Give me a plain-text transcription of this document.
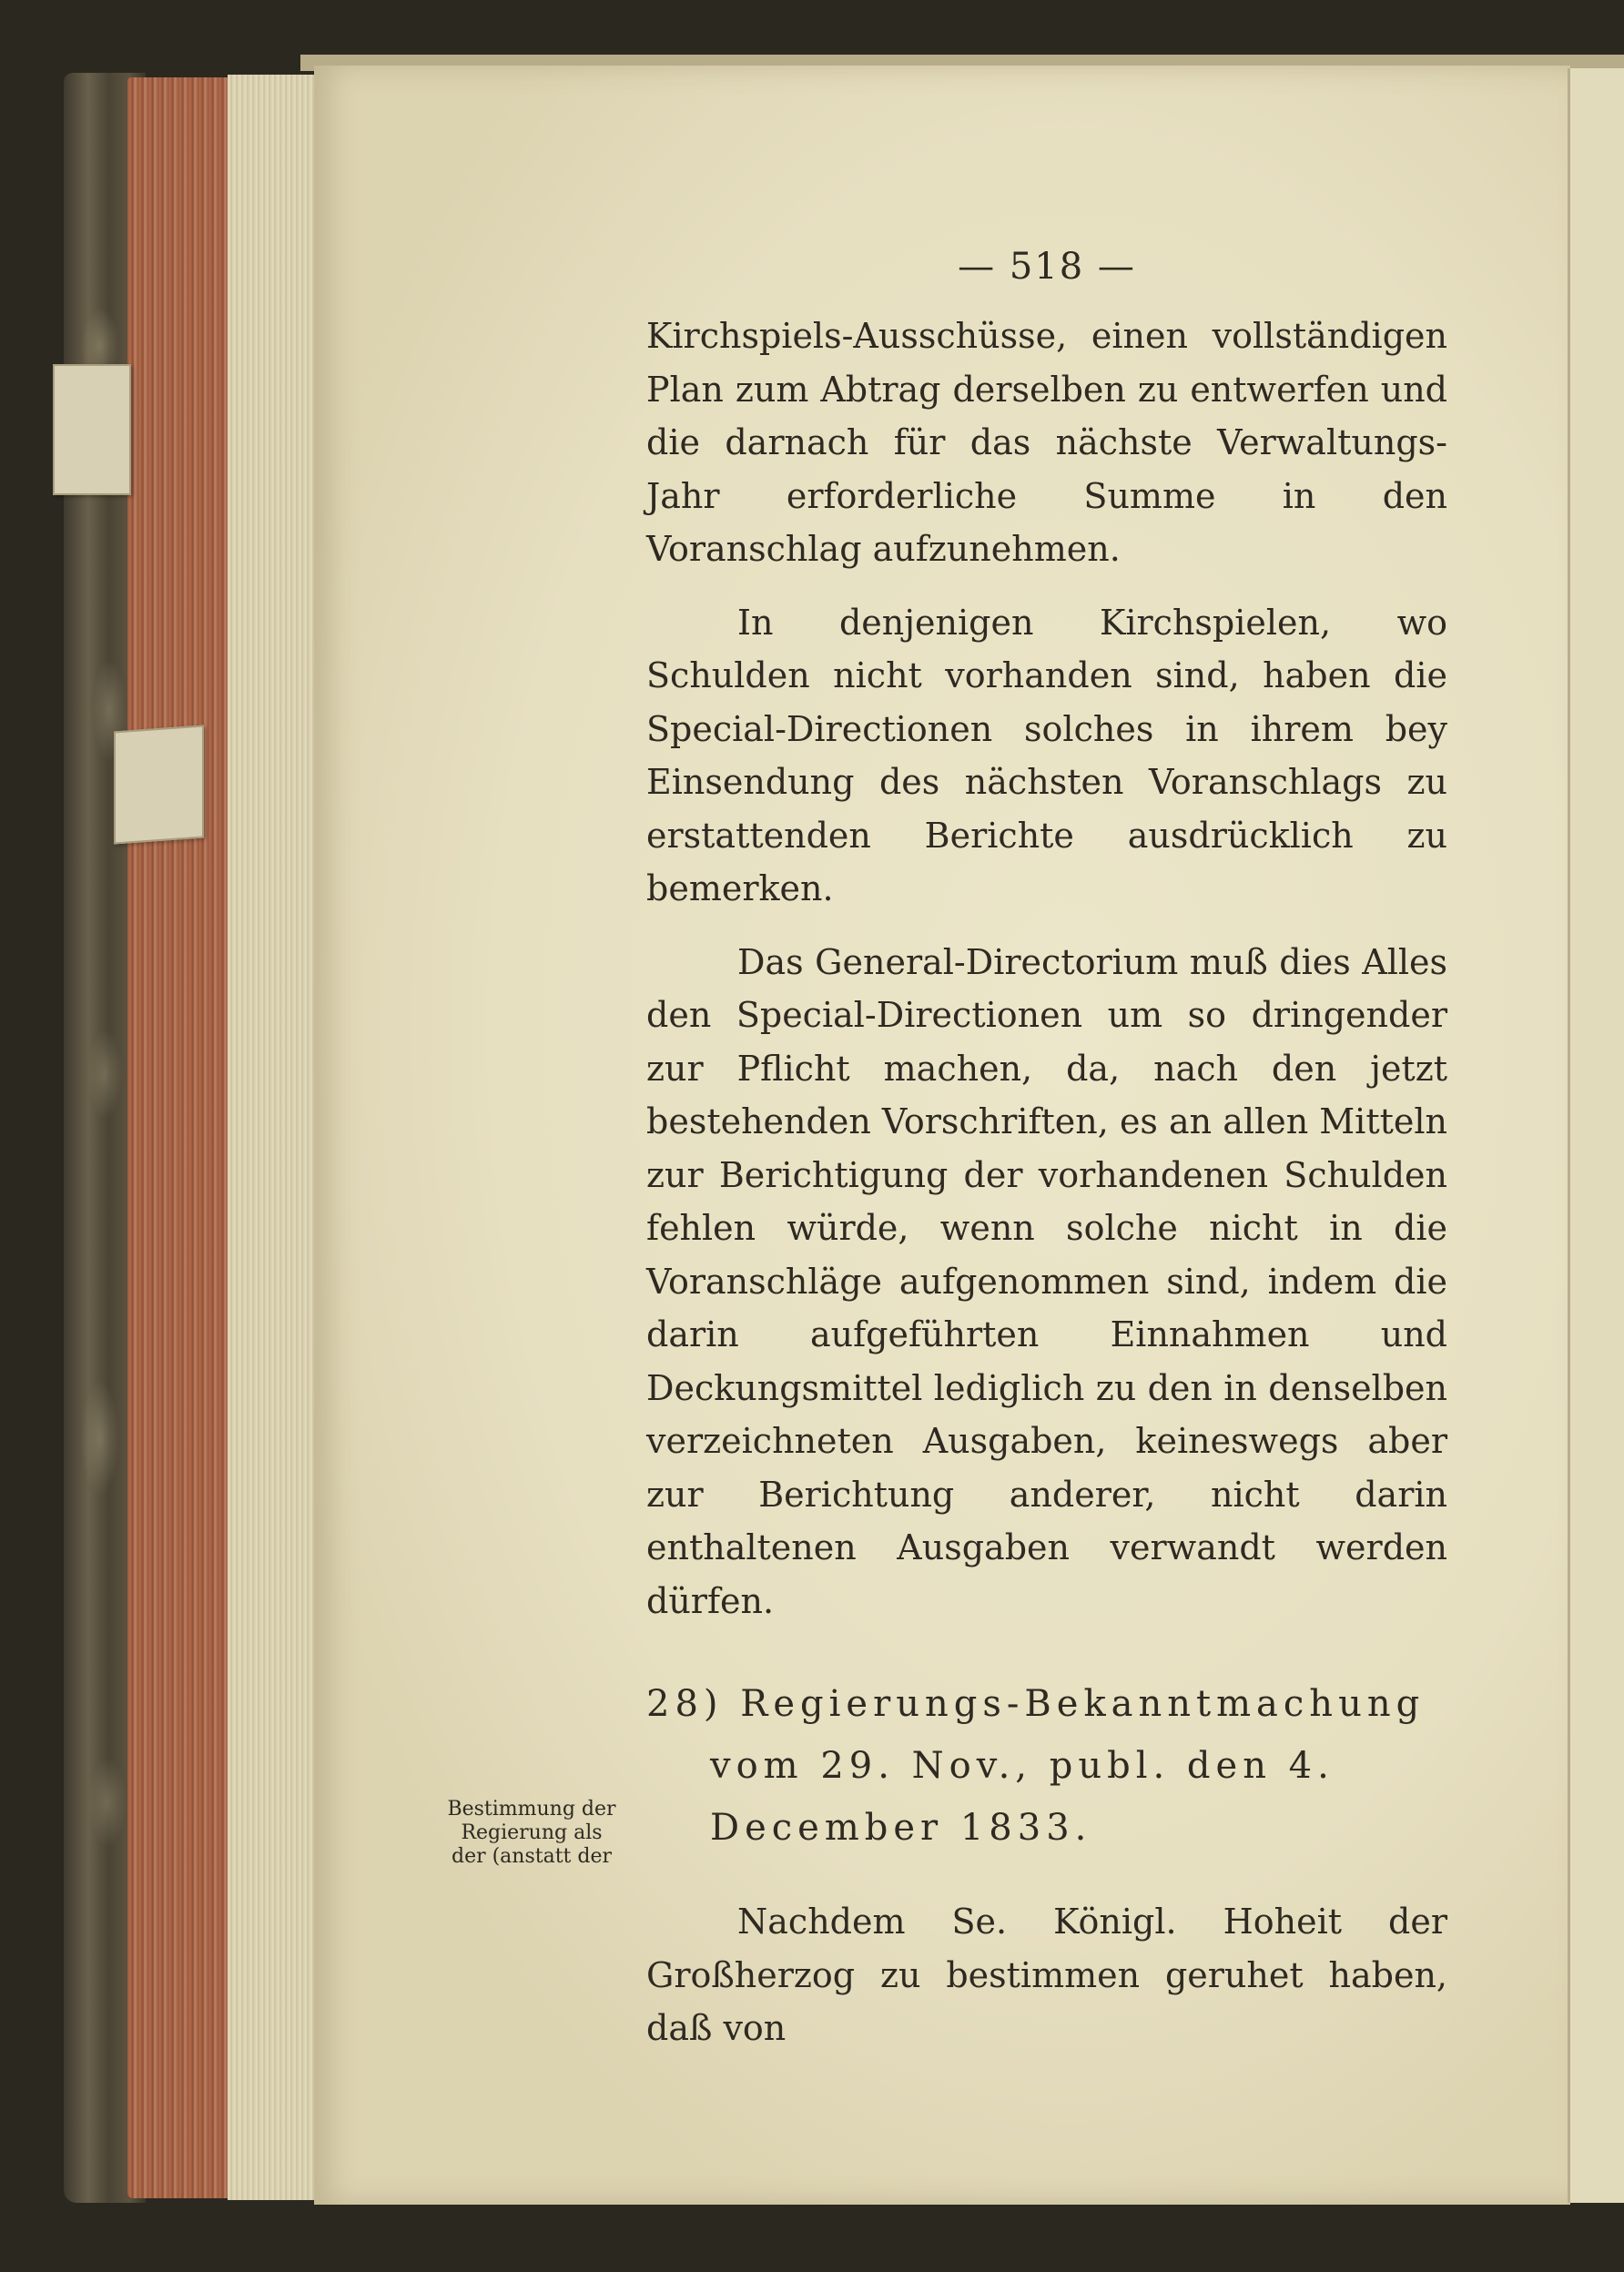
— 518 —

Kirchspiels-Ausschüsse, einen vollständigen Plan zum Abtrag derselben zu entwerfen und die darnach für das nächste Verwaltungs-Jahr erforderliche Summe in den Voranschlag aufzunehmen.

In denjenigen Kirchspielen, wo Schulden nicht vorhanden sind, haben die Special-Directionen solches in ihrem bey Einsendung des nächsten Voranschlags zu erstattenden Berichte ausdrücklich zu bemerken.

Das General-Directorium muß dies Alles den Special-Directionen um so dringender zur Pflicht machen, da, nach den jetzt bestehenden Vorschriften, es an allen Mitteln zur Berichtigung der vorhandenen Schulden fehlen würde, wenn solche nicht in die Voranschläge aufgenommen sind, indem die darin aufgeführten Einnahmen und Deckungsmittel lediglich zu den in denselben verzeichneten Ausgaben, keineswegs aber zur Berichtung anderer, nicht darin enthaltenen Ausgaben verwandt werden dürfen.

28) Regierungs-Bekanntmachung vom 29. Nov., publ. den 4. December 1833.

Nachdem Se. Königl. Hoheit der Großherzog zu bestimmen geruhet haben, daß von

Bestimmung der
Regierung als
der (anstatt der
